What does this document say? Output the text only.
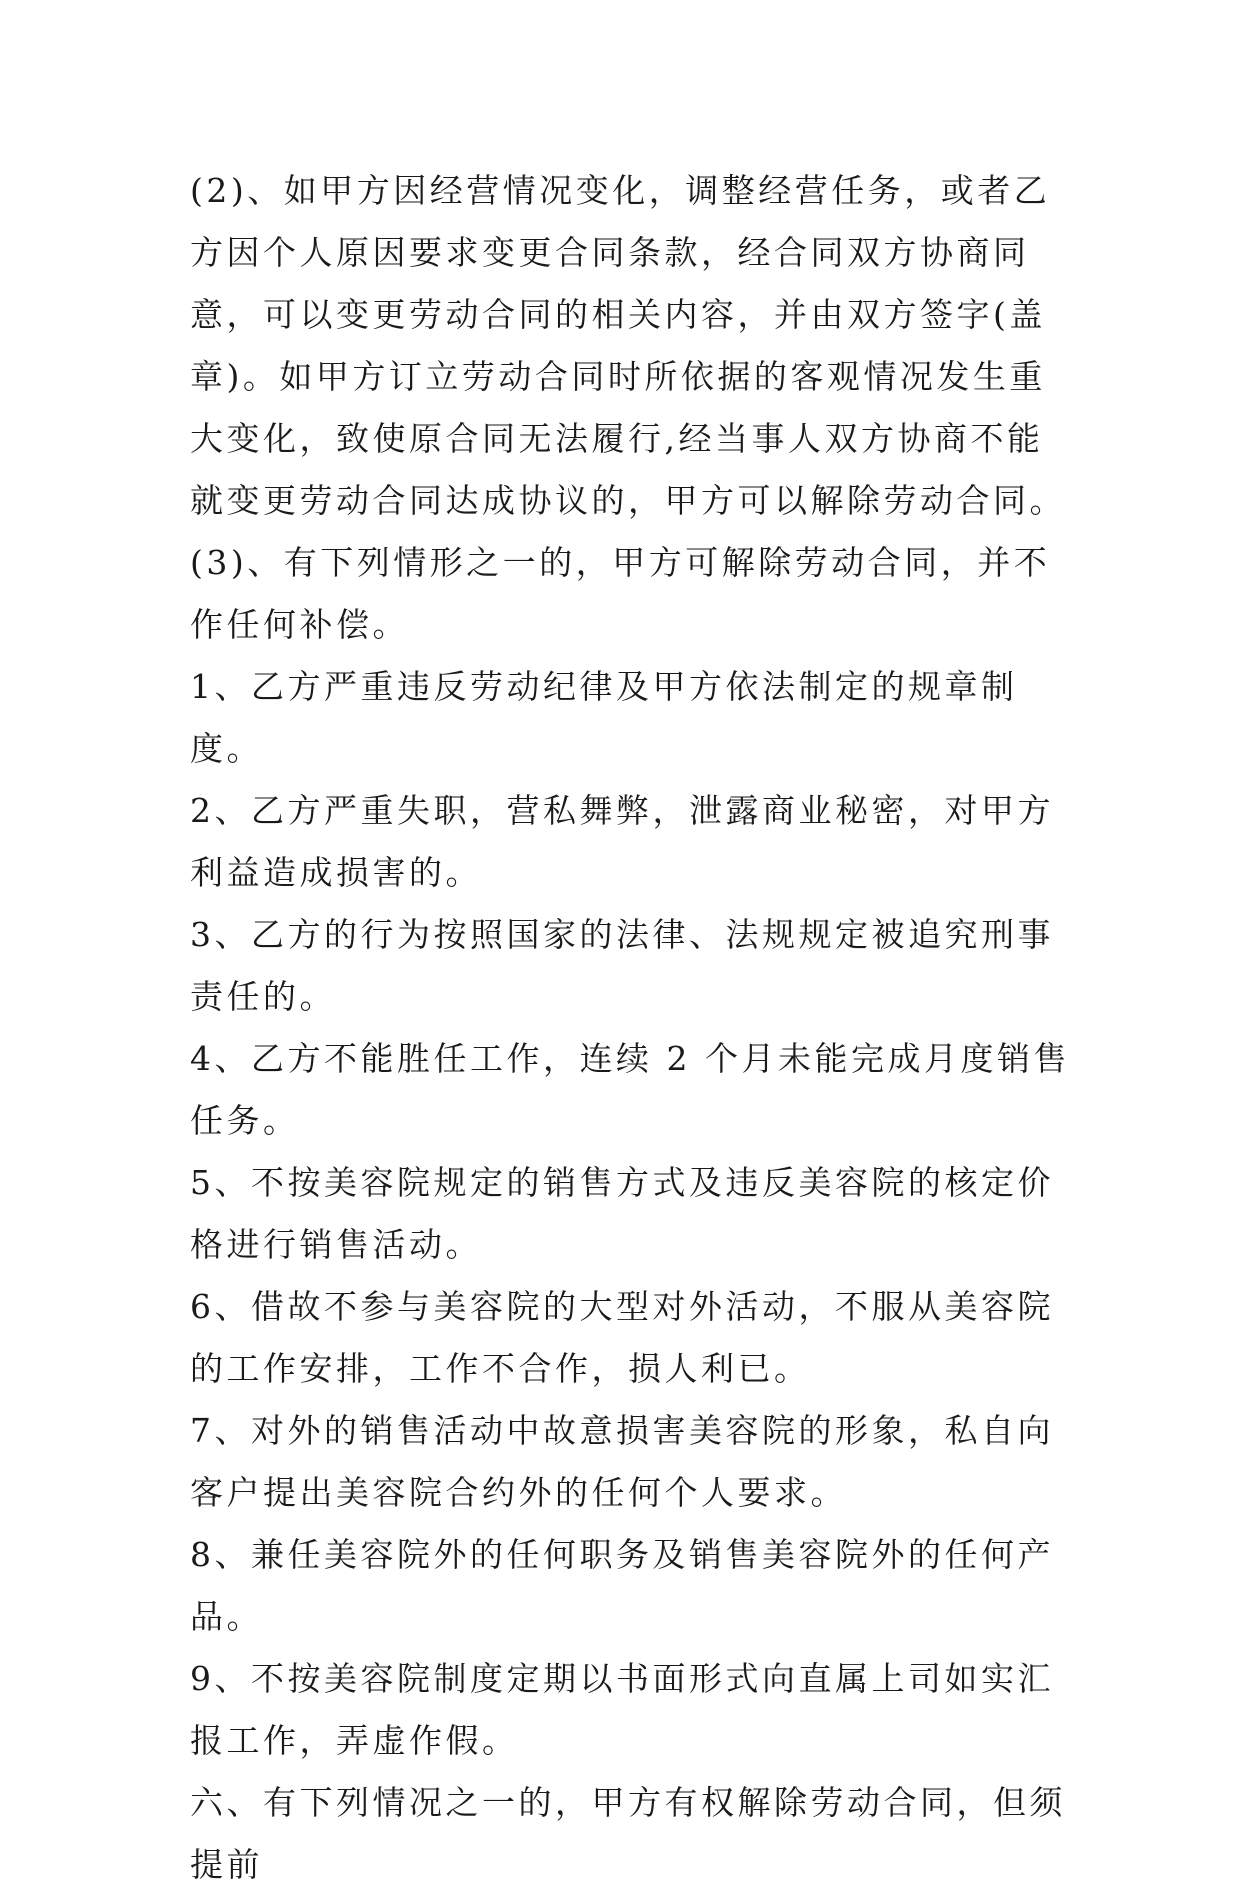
(2)、如甲方因经营情况变化，调整经营任务，或者乙方因个人原因要求变更合同条款，经合同双方协商同意，可以变更劳动合同的相关内容，并由双方签字(盖章)。如甲方订立劳动合同时所依据的客观情况发生重大变化，致使原合同无法履行,经当事人双方协商不能就变更劳动合同达成协议的，甲方可以解除劳动合同。

(3)、有下列情形之一的，甲方可解除劳动合同，并不作任何补偿。

1、乙方严重违反劳动纪律及甲方依法制定的规章制度。

2、乙方严重失职，营私舞弊，泄露商业秘密，对甲方利益造成损害的。

3、乙方的行为按照国家的法律、法规规定被追究刑事责任的。

4、乙方不能胜任工作，连续 2 个月未能完成月度销售任务。

5、不按美容院规定的销售方式及违反美容院的核定价格进行销售活动。

6、借故不参与美容院的大型对外活动，不服从美容院的工作安排，工作不合作，损人利已。

7、对外的销售活动中故意损害美容院的形象，私自向客户提出美容院合约外的任何个人要求。

8、兼任美容院外的任何职务及销售美容院外的任何产品。

9、不按美容院制度定期以书面形式向直属上司如实汇报工作，弄虚作假。

六、有下列情况之一的，甲方有权解除劳动合同，但须提前
